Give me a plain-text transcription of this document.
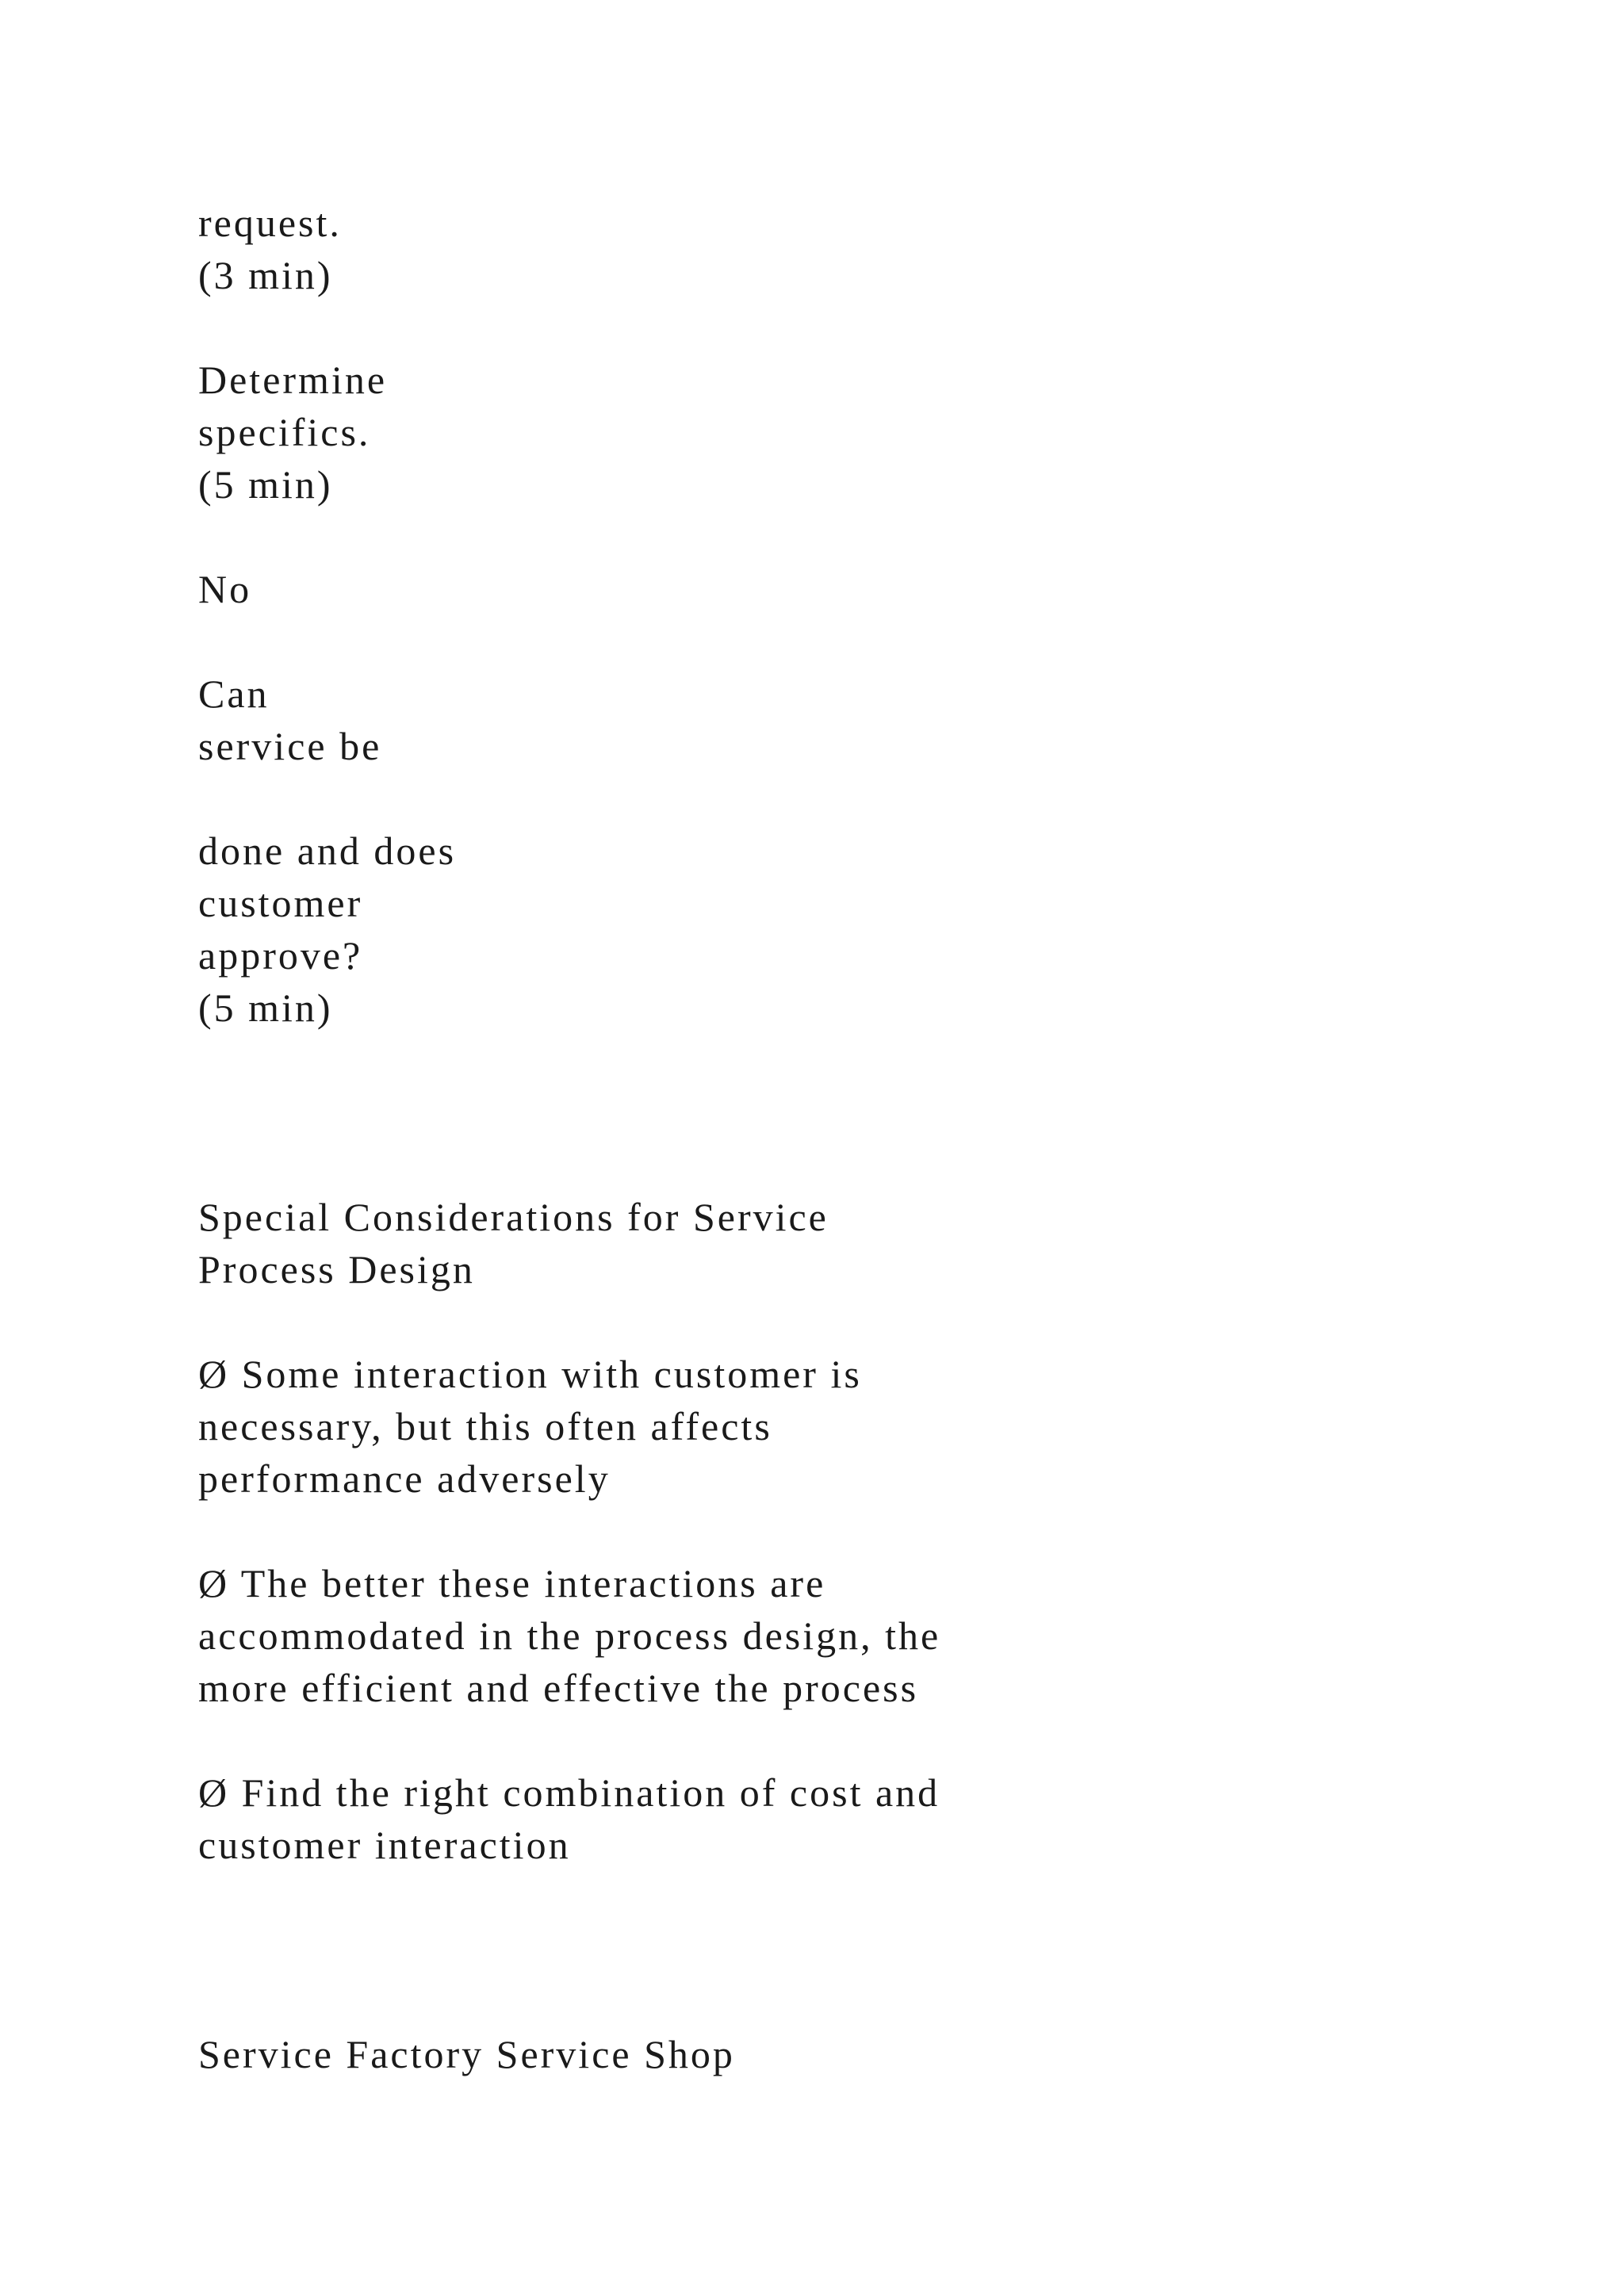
request.

(3 min)

Determine

specifics.

(5 min)

No

Can

service be

done and does

customer

approve?

(5 min)

Special Considerations for Service

Process Design

Ø Some interaction with customer is

necessary, but this often affects

performance adversely

Ø The better these interactions are

accommodated in the process design, the

more efficient and effective the process

Ø Find the right combination of cost and

customer interaction

Service Factory Service Shop
